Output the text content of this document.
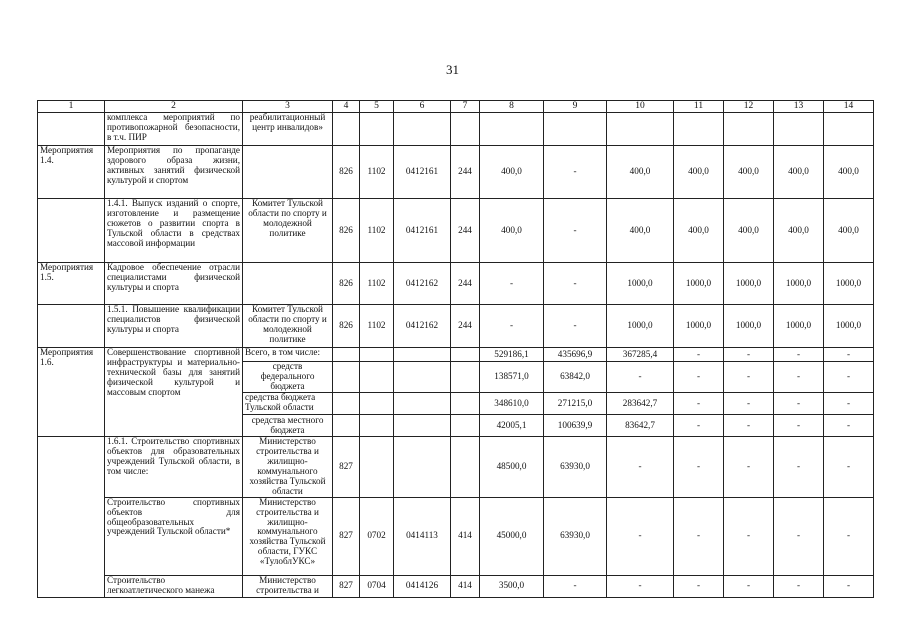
31
1	2	3	4	5	6	7	8	9	10	11	12	13	14
	комплекса мероприятий по противопожарной безопасности, в т.ч. ПИР	реабилитационный центр инвалидов»											
Мероприятия 1.4.	Мероприятия по пропаганде здорового образа жизни, активных занятий физической культурой и спортом		826	1102	0412161	244	400,0	-	400,0	400,0	400,0	400,0	400,0
	1.4.1. Выпуск изданий о спорте, изготовление и размещение сюжетов о развитии спорта в Тульской области в средствах массовой информации	Комитет Тульской области по спорту и молодежной политике	826	1102	0412161	244	400,0	-	400,0	400,0	400,0	400,0	400,0
Мероприятия 1.5.	Кадровое обеспечение отрасли специалистами физической культуры и спорта		826	1102	0412162	244	-	-	1000,0	1000,0	1000,0	1000,0	1000,0
	1.5.1. Повышение квалификации специалистов физической культуры и спорта	Комитет Тульской области по спорту и молодежной политике	826	1102	0412162	244	-	-	1000,0	1000,0	1000,0	1000,0	1000,0
Мероприятия 1.6.	Совершенствование спортивной инфраструктуры и материально-технической базы для занятий физической культурой и массовым спортом	Всего, в том числе:					529186,1	435696,9	367285,4	-	-	-	-
		средств федерального бюджета					138571,0	63842,0	-	-	-	-	-
		средства бюджета Тульской области					348610,0	271215,0	283642,7	-	-	-	-
		средства местного бюджета					42005,1	100639,9	83642,7	-	-	-	-
	1.6.1. Строительство спортивных объектов для образовательных учреждений Тульской области, в том числе:	Министерство строительства и жилищно-коммунального хозяйства Тульской области	827				48500,0	63930,0	-	-	-	-	-
	Строительство спортивных объектов для общеобразовательных учреждений Тульской области*	Министерство строительства и жилищно-коммунального хозяйства Тульской области, ГУКС «ТулоблУКС»	827	0702	0414113	414	45000,0	63930,0	-	-	-	-	-
	Строительство легкоатлетического манежа	Министерство строительства и	827	0704	0414126	414	3500,0	-	-	-	-	-	-
